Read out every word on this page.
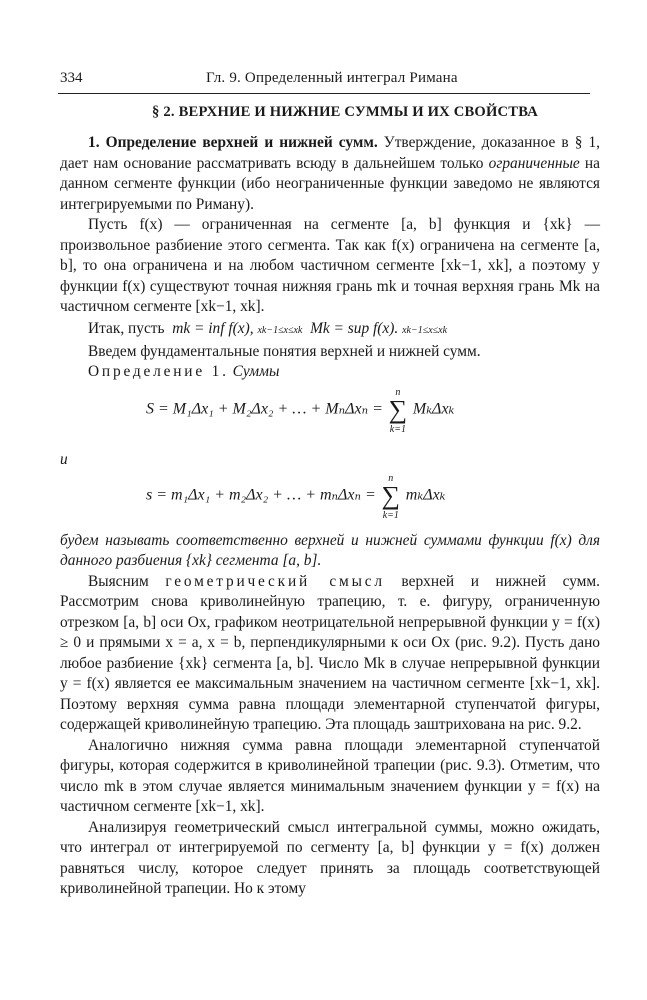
334	Гл. 9. Определенный интеграл Римана
§ 2. ВЕРХНИЕ И НИЖНИЕ СУММЫ И ИХ СВОЙСТВА

1. Определение верхней и нижней сумм. Утверждение, доказанное в § 1, дает нам основание рассматривать всюду в дальнейшем только ограниченные на данном сегменте функции (ибо неограниченные функции заведомо не являются интегрируемыми по Риману).

Пусть f(x) — ограниченная на сегменте [a, b] функция и {xk} — произвольное разбиение этого сегмента. Так как f(x) ограничена на сегменте [a, b], то она ограничена и на любом частичном сегменте [xk−1, xk], а поэтому у функции f(x) существуют точная нижняя грань mk и точная верхняя грань Mk на частичном сегменте [xk−1, xk].

Итак, пусть mk = inf f(x), xk−1≤x≤xk Mk = sup f(x). xk−1≤x≤xk

Введем фундаментальные понятия верхней и нижней сумм.

Определение 1. Суммы

S = M₁Δx₁ + M₂Δx₂ + … + MₙΔxₙ =
n
∑
k=1
MₖΔxₖ
и
s = m₁Δx₁ + m₂Δx₂ + … + mₙΔxₙ =
n
∑
k=1
mₖΔxₖ

будем называть соответственно верхней и нижней суммами функции f(x) для данного разбиения {xk} сегмента [a, b].

Выясним геометрический смысл верхней и нижней сумм. Рассмотрим снова криволинейную трапецию, т. е. фигуру, ограниченную отрезком [a, b] оси Ox, графиком неотрицательной непрерывной функции y = f(x) ≥ 0 и прямыми x = a, x = b, перпендикулярными к оси Ox (рис. 9.2). Пусть дано любое разбиение {xk} сегмента [a, b]. Число Mk в случае непрерывной функции y = f(x) является ее максимальным значением на частичном сегменте [xk−1, xk]. Поэтому верхняя сумма равна площади элементарной ступенчатой фигуры, содержащей криволинейную трапецию. Эта площадь заштрихована на рис. 9.2.

Аналогично нижняя сумма равна площади элементарной ступенчатой фигуры, которая содержится в криволинейной трапеции (рис. 9.3). Отметим, что число mk в этом случае является минимальным значением функции y = f(x) на частичном сегменте [xk−1, xk].

Анализируя геометрический смысл интегральной суммы, можно ожидать, что интеграл от интегрируемой по сегменту [a, b] функции y = f(x) должен равняться числу, которое следует принять за площадь соответствующей криволинейной трапеции. Но к этому
